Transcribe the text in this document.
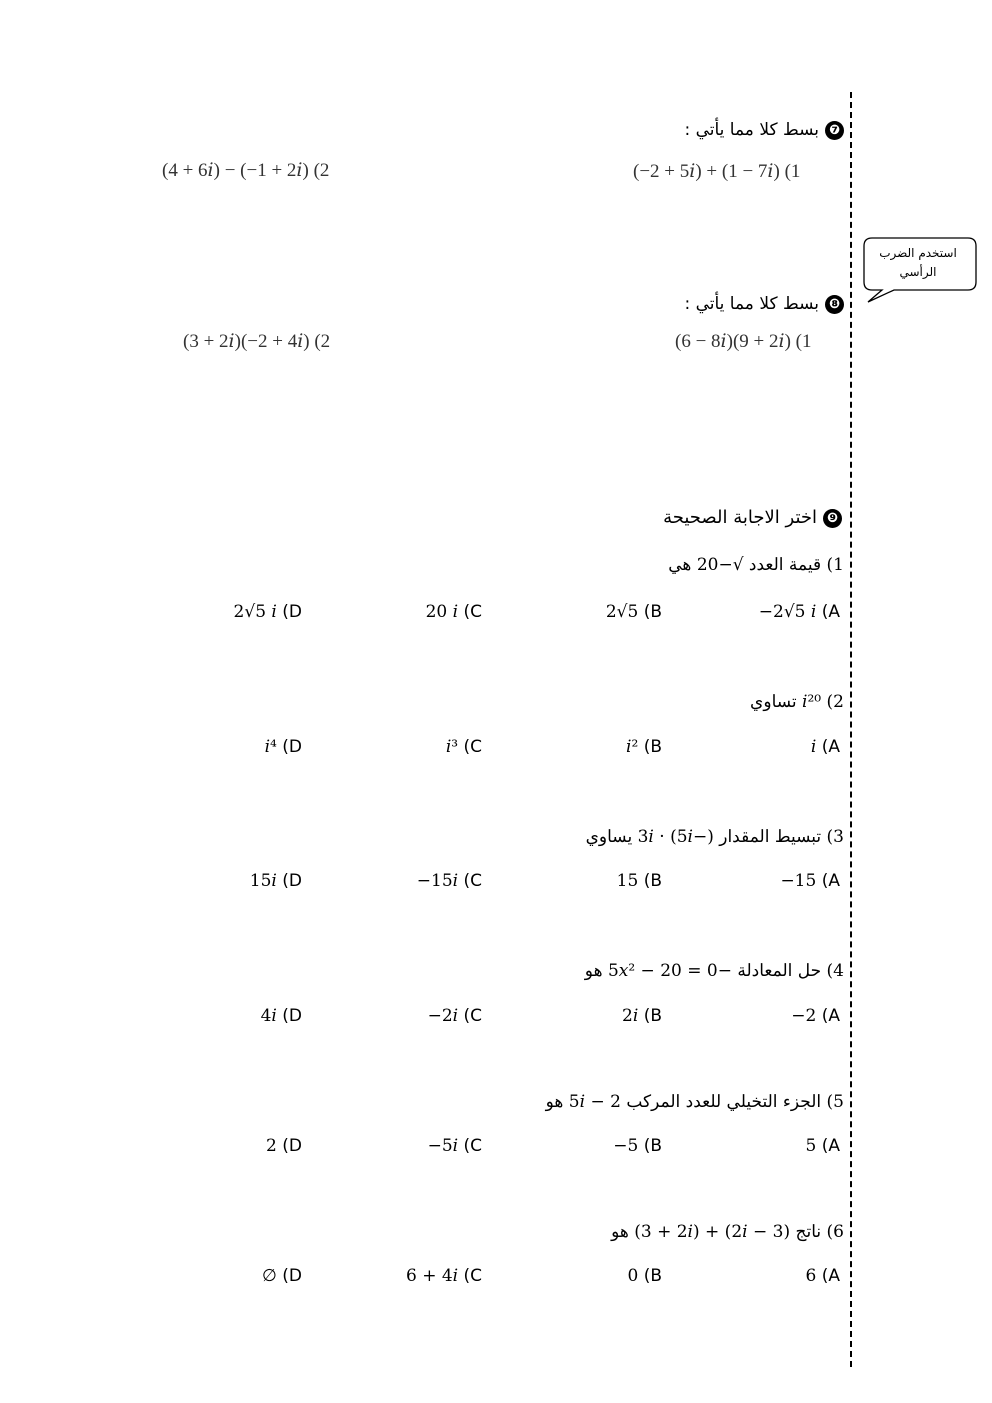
❼بسط كلا مما يأتي :
(−2 + 5𝑖) + (1 − 7𝑖) (1
(4 + 6𝑖) − (−1 + 2𝑖) (2
استخدم الضرب الرأسي
❽بسط كلا مما يأتي :
(6 − 8𝑖)(9 + 2𝑖) (1
(3 + 2𝑖)(−2 + 4𝑖) (2
❾اختر الاجابة الصحيحة
1) قيمة العدد √−20 هي
−2√5 𝑖 (A
2√5 (B
20 𝑖 (C
2√5 𝑖 (D
2) 𝑖²⁰ تساوي
𝑖 (A
𝑖² (B
𝑖³ (C
𝑖⁴ (D
3) تبسيط المقدار (−5𝑖) · 3𝑖 يساوي
−15 (A
15 (B
−15𝑖 (C
15𝑖 (D
4) حل المعادلة −5𝑥² − 20 = 0 هو
−2 (A
2𝑖 (B
−2𝑖 (C
4𝑖 (D
5) الجزء التخيلي للعدد المركب 2 − 5𝑖 هو
5 (A
−5 (B
−5𝑖 (C
2 (D
6) ناتج (3 − 2𝑖) + (3 + 2𝑖) هو
6 (A
0 (B
6 + 4𝑖 (C
∅ (D
